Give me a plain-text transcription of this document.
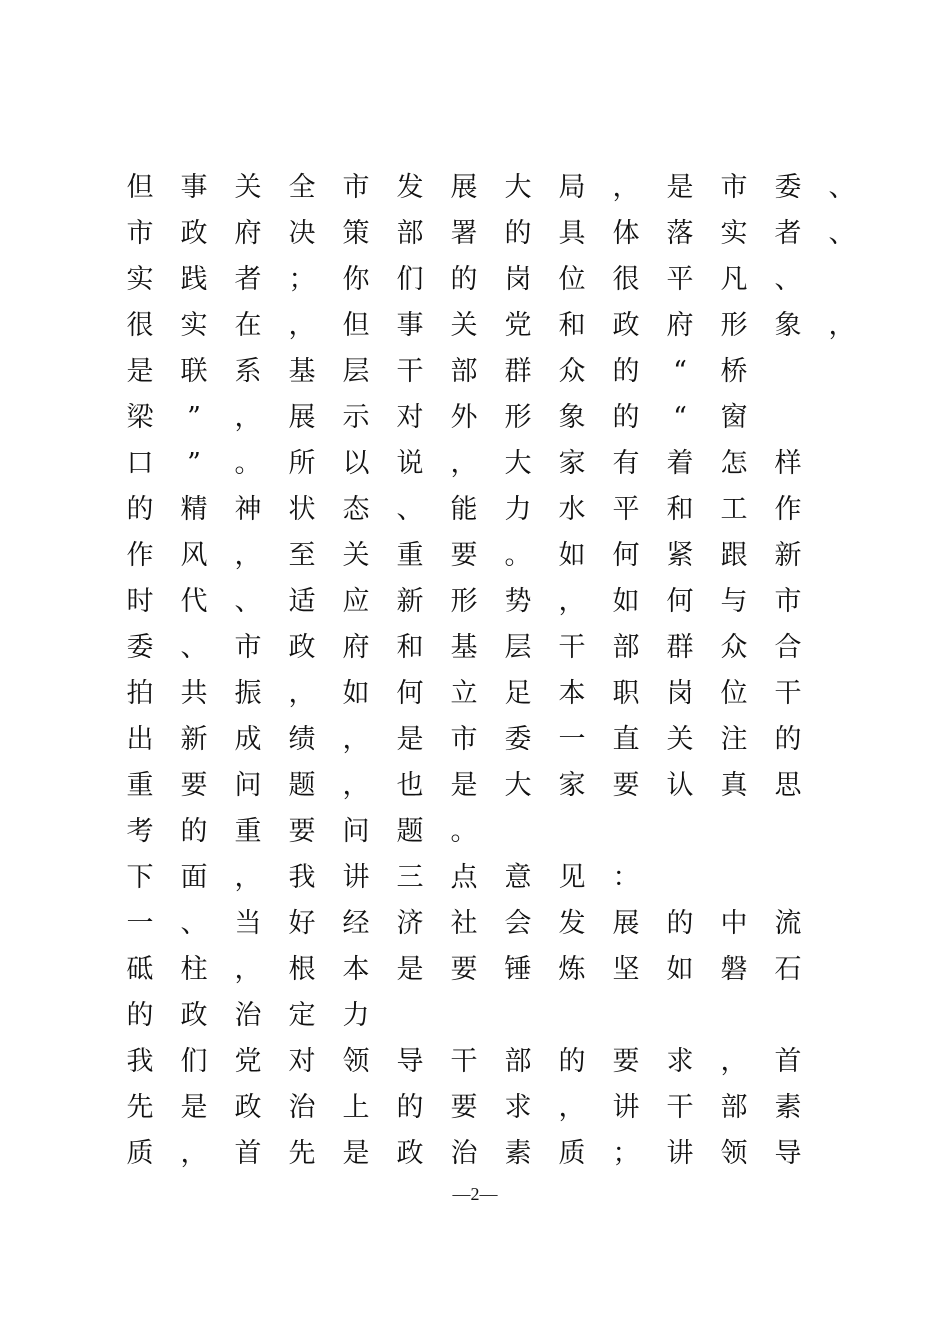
但	事	关	全	市	发	展	大	局	，	是	市	委	、
市	政	府	决	策	部	署	的	具	体	落	实	者	、
实	践	者	；	你	们	的	岗	位	很	平	凡	、
很	实	在	，	但	事	关	党	和	政	府	形	象	，
是	联	系	基	层	干	部	群	众	的	“	桥
梁	”	，	展	示	对	外	形	象	的	“	窗
口	”	。	所	以	说	，	大	家	有	着	怎	样
的	精	神	状	态	、	能	力	水	平	和	工	作
作	风	，	至	关	重	要	。	如	何	紧	跟	新
时	代	、	适	应	新	形	势	，	如	何	与	市
委	、	市	政	府	和	基	层	干	部	群	众	合
拍	共	振	，	如	何	立	足	本	职	岗	位	干
出	新	成	绩	，	是	市	委	一	直	关	注	的
重	要	问	题	，	也	是	大	家	要	认	真	思
考	的	重	要	问	题	。
下	面	，	我	讲	三	点	意	见	：
一	、	当	好	经	济	社	会	发	展	的	中	流
砥	柱	，	根	本	是	要	锤	炼	坚	如	磐	石
的	政	治	定	力
我	们	党	对	领	导	干	部	的	要	求	，	首
先	是	政	治	上	的	要	求	，	讲	干	部	素
质	，	首	先	是	政	治	素	质	；	讲	领	导
—2—
